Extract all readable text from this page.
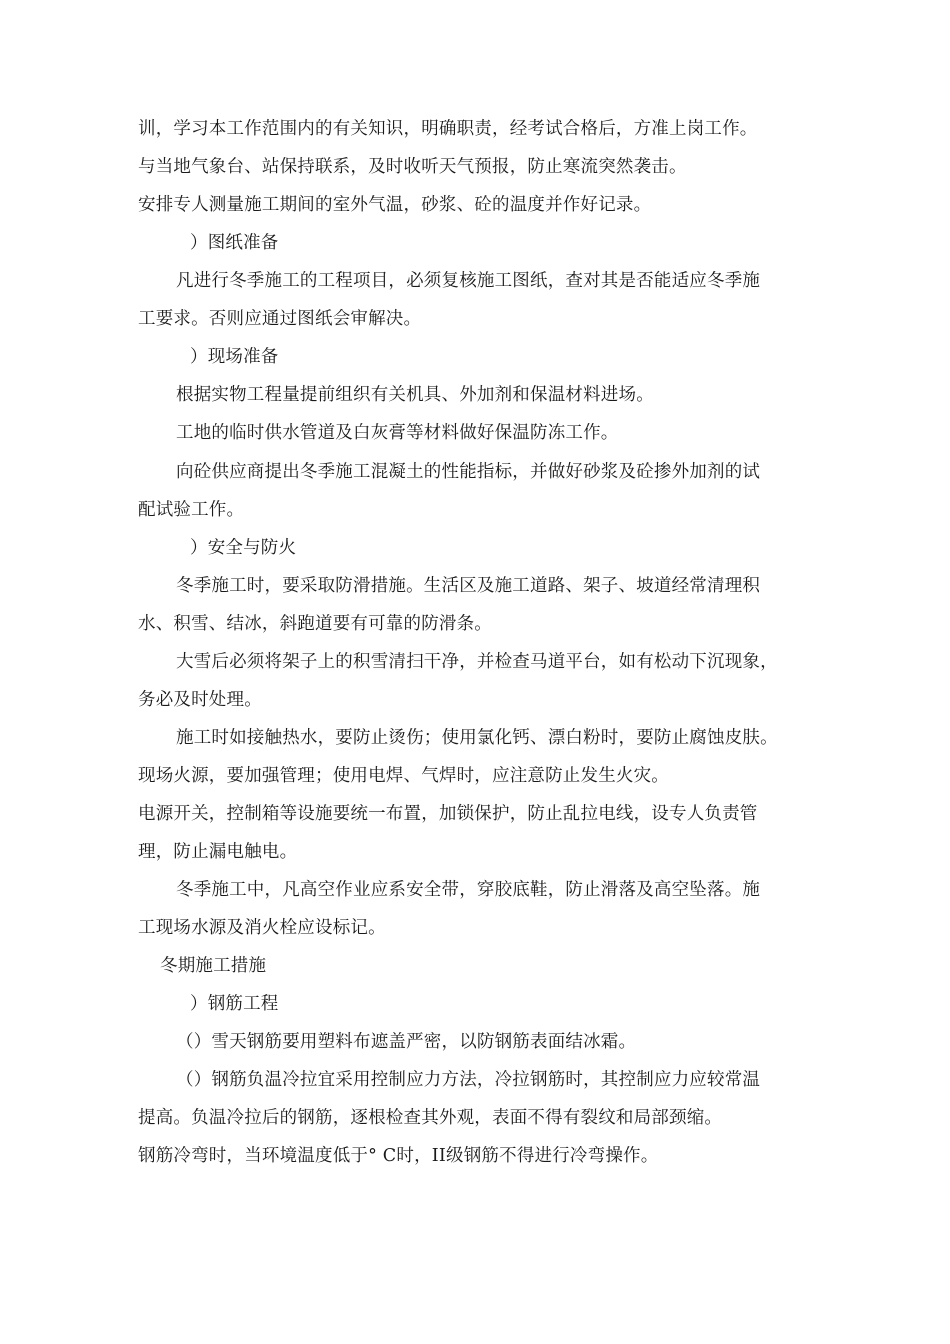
训，学习本工作范围内的有关知识，明确职责，经考试合格后，方准上岗工作。
与当地气象台、站保持联系，及时收听天气预报，防止寒流突然袭击。
安排专人测量施工期间的室外气温，砂浆、砼的温度并作好记录。
）图纸准备
凡进行冬季施工的工程项目，必须复核施工图纸，查对其是否能适应冬季施
工要求。否则应通过图纸会审解决。
）现场准备
根据实物工程量提前组织有关机具、外加剂和保温材料进场。
工地的临时供水管道及白灰膏等材料做好保温防冻工作。
向砼供应商提出冬季施工混凝土的性能指标，并做好砂浆及砼掺外加剂的试
配试验工作。
）安全与防火
冬季施工时，要采取防滑措施。生活区及施工道路、架子、坡道经常清理积
水、积雪、结冰，斜跑道要有可靠的防滑条。
大雪后必须将架子上的积雪清扫干净，并检查马道平台，如有松动下沉现象，
务必及时处理。
施工时如接触热水，要防止烫伤；使用氯化钙、漂白粉时，要防止腐蚀皮肤。
现场火源，要加强管理；使用电焊、气焊时，应注意防止发生火灾。
电源开关，控制箱等设施要统一布置，加锁保护，防止乱拉电线，设专人负责管
理，防止漏电触电。
冬季施工中，凡高空作业应系安全带，穿胶底鞋，防止滑落及高空坠落。施
工现场水源及消火栓应设标记。
冬期施工措施
）钢筋工程
（）雪天钢筋要用塑料布遮盖严密，以防钢筋表面结冰霜。
（）钢筋负温冷拉宜采用控制应力方法，冷拉钢筋时，其控制应力应较常温
提高。负温冷拉后的钢筋，逐根检查其外观，表面不得有裂纹和局部颈缩。
钢筋冷弯时，当环境温度低于° C时，II级钢筋不得进行冷弯操作。
